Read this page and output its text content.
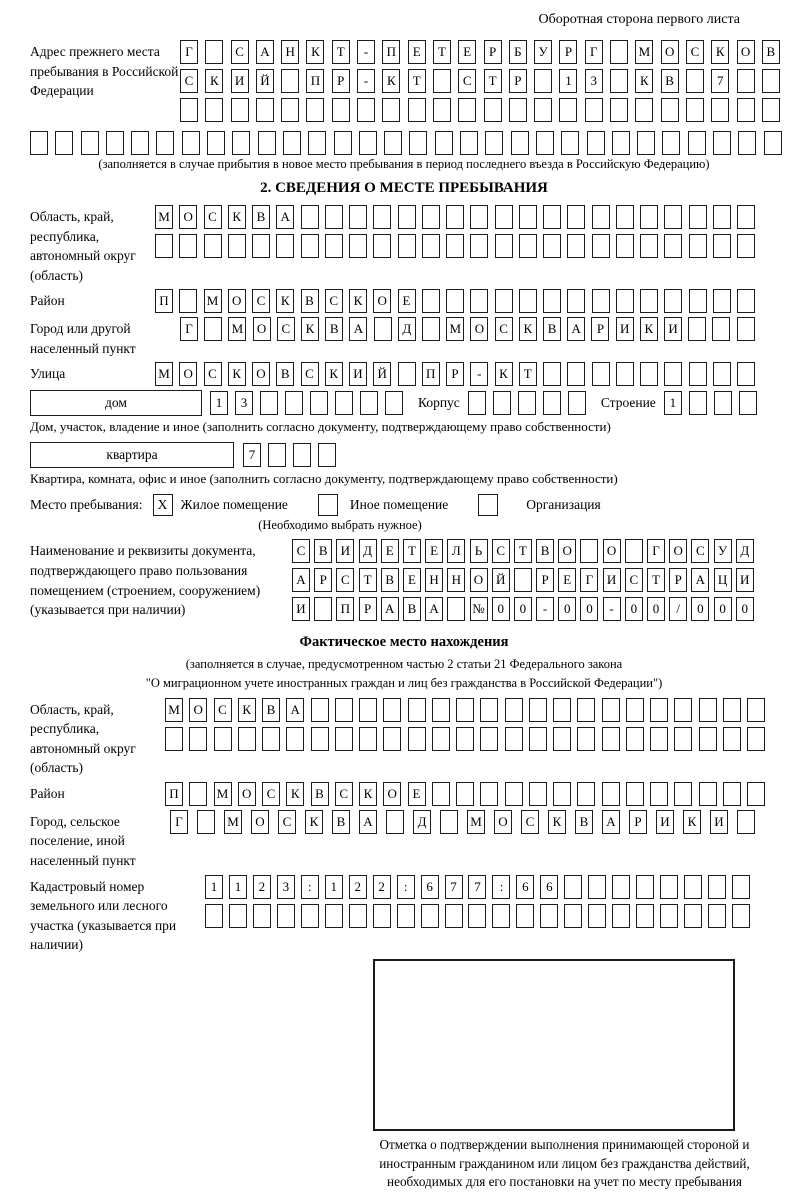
Оборотная сторона первого листа
Адрес прежнего места пребывания в Российской Федерации
Г	С	А	Н	К	Т	-	П	Е	Т	Е	Р	Б	У	Р	Г	М	О	С	К	О	В
С	К	И	Й	П	Р	-	К	Т	С	Т	Р	1	3	К	В	7
(заполняется в случае прибытия в новое место пребывания в период последнего въезда в Российскую Федерацию)
2. СВЕДЕНИЯ О МЕСТЕ ПРЕБЫВАНИЯ
Область, край, республика, автономный округ (область)
М	О	С	К	В	А
Район	П	М	О	С	К	В	С	К	О	Е
Город или другой населенный пункт
Г	М	О	С	К	В	А	Д	М	О	С	К	В	А	Р	И	К	И
Улица	М	О	С	К	О	В	С	К	И	Й	П	Р	-	К	Т
дом	1	3	Корпус	Строение	1
Дом, участок, владение и иное (заполнить согласно документу, подтверждающему право собственности)
квартира	7
Квартира, комната, офис и иное (заполнить согласно документу, подтверждающему право собственности)
Место пребывания:	X Жилое помещение	Иное помещение	Организация
(Необходимо выбрать нужное)
Наименование и реквизиты документа, подтверждающего право пользования помещением (строением, сооружением) (указывается при наличии)
С	В	И	Д	Е	Т	Е	Л	Ь	С	Т	В	О	О	Г	О	С	У	Д
А	Р	С	Т	В	Е	Н Н О Й	Р	Е	Г	И	С	Т	Р	А Ц И
И	П	Р	А	В	А	№ 0	0	-	0	0	-	0	0	/	0	0	0
Фактическое место нахождения
(заполняется в случае, предусмотренном частью 2 статьи 21 Федерального закона
"О миграционном учете иностранных граждан и лиц без гражданства в Российской Федерации")
Область, край, республика, автономный округ (область)
М	О	С	К	В	А
Район	П	М	О	С	К	В	С	К	О	Е
Город, сельское поселение, иной населенный пункт
Г	М	О	С	К	В	А	Д	М	О	С	К	В	А	Р	И	К	И
Кадастровый номер земельного или лесного участка (указывается при наличии)
1	1	2	3	:	1	2	2	:	6	7	7	:	6	6
Отметка о подтверждении выполнения принимающей стороной и иностранным гражданином или лицом без гражданства действий, необходимых для его постановки на учет по месту пребывания
